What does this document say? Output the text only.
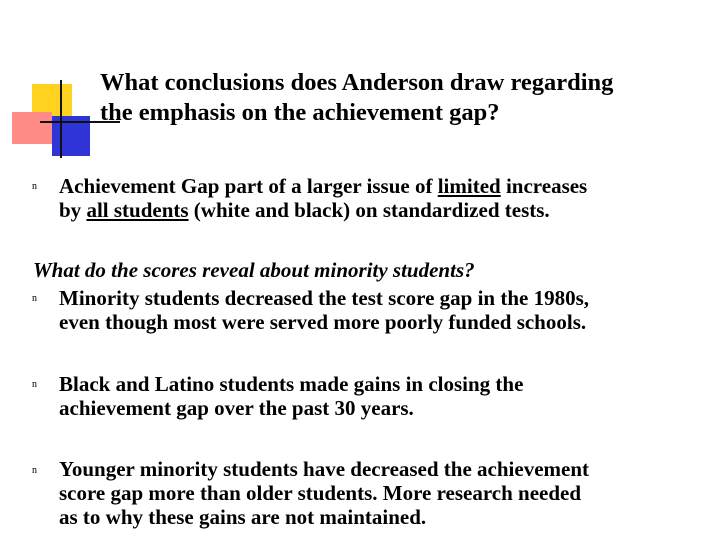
What conclusions does Anderson draw regarding
the emphasis on the achievement gap?
n Achievement Gap part of a larger issue of limited increases
by all students (white and black) on standardized tests.

What do the scores reveal about minority students?

n Minority students decreased the test score gap in the 1980s,
even though most were served more poorly funded schools.

n Black and Latino students made gains in closing the
achievement gap over the past 30 years.

n Younger minority students have decreased the achievement
score gap more than older students. More research needed
as to why these gains are not maintained.
